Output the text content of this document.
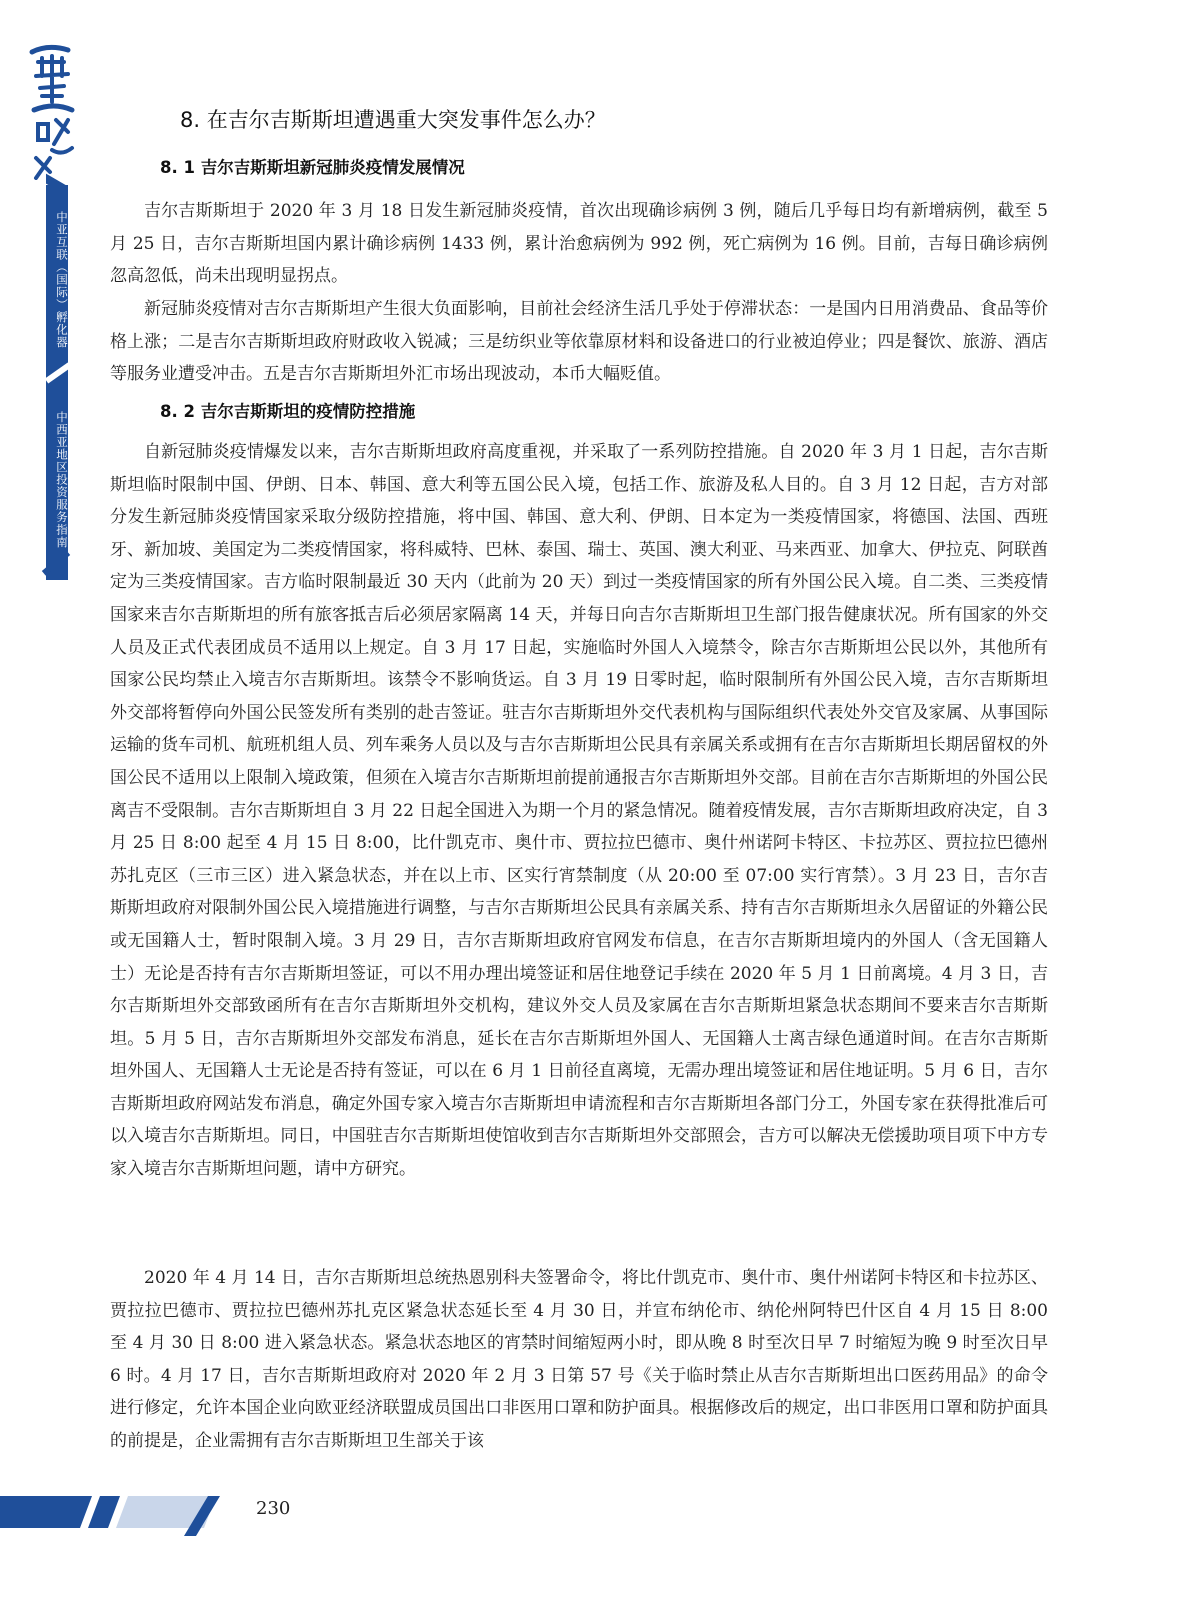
中亚互联（国际）孵化器
中西亚地区投资服务指南
8. 在吉尔吉斯斯坦遭遇重大突发事件怎么办？
8. 1 吉尔吉斯斯坦新冠肺炎疫情发展情况

吉尔吉斯斯坦于 2020 年 3 月 18 日发生新冠肺炎疫情，首次出现确诊病例 3 例，随后几乎每日均有新增病例，截至 5 月 25 日，吉尔吉斯斯坦国内累计确诊病例 1433 例，累计治愈病例为 992 例，死亡病例为 16 例。目前，吉每日确诊病例忽高忽低，尚未出现明显拐点。

新冠肺炎疫情对吉尔吉斯斯坦产生很大负面影响，目前社会经济生活几乎处于停滞状态：一是国内日用消费品、食品等价格上涨；二是吉尔吉斯斯坦政府财政收入锐减；三是纺织业等依靠原材料和设备进口的行业被迫停业；四是餐饮、旅游、酒店等服务业遭受冲击。五是吉尔吉斯斯坦外汇市场出现波动，本币大幅贬值。

8. 2 吉尔吉斯斯坦的疫情防控措施

自新冠肺炎疫情爆发以来，吉尔吉斯斯坦政府高度重视，并采取了一系列防控措施。自 2020 年 3 月 1 日起，吉尔吉斯斯坦临时限制中国、伊朗、日本、韩国、意大利等五国公民入境，包括工作、旅游及私人目的。自 3 月 12 日起，吉方对部分发生新冠肺炎疫情国家采取分级防控措施，将中国、韩国、意大利、伊朗、日本定为一类疫情国家，将德国、法国、西班牙、新加坡、美国定为二类疫情国家，将科威特、巴林、泰国、瑞士、英国、澳大利亚、马来西亚、加拿大、伊拉克、阿联酋定为三类疫情国家。吉方临时限制最近 30 天内（此前为 20 天）到过一类疫情国家的所有外国公民入境。自二类、三类疫情国家来吉尔吉斯斯坦的所有旅客抵吉后必须居家隔离 14 天，并每日向吉尔吉斯斯坦卫生部门报告健康状况。所有国家的外交人员及正式代表团成员不适用以上规定。自 3 月 17 日起，实施临时外国人入境禁令，除吉尔吉斯斯坦公民以外，其他所有国家公民均禁止入境吉尔吉斯斯坦。该禁令不影响货运。自 3 月 19 日零时起，临时限制所有外国公民入境，吉尔吉斯斯坦外交部将暂停向外国公民签发所有类别的赴吉签证。驻吉尔吉斯斯坦外交代表机构与国际组织代表处外交官及家属、从事国际运输的货车司机、航班机组人员、列车乘务人员以及与吉尔吉斯斯坦公民具有亲属关系或拥有在吉尔吉斯斯坦长期居留权的外国公民不适用以上限制入境政策，但须在入境吉尔吉斯斯坦前提前通报吉尔吉斯斯坦外交部。目前在吉尔吉斯斯坦的外国公民离吉不受限制。吉尔吉斯斯坦自 3 月 22 日起全国进入为期一个月的紧急情况。随着疫情发展，吉尔吉斯斯坦政府决定，自 3 月 25 日 8:00 起至 4 月 15 日 8:00，比什凯克市、奥什市、贾拉拉巴德市、奥什州诺阿卡特区、卡拉苏区、贾拉拉巴德州苏扎克区（三市三区）进入紧急状态，并在以上市、区实行宵禁制度（从 20:00 至 07:00 实行宵禁）。3 月 23 日，吉尔吉斯斯坦政府对限制外国公民入境措施进行调整，与吉尔吉斯斯坦公民具有亲属关系、持有吉尔吉斯斯坦永久居留证的外籍公民或无国籍人士，暂时限制入境。3 月 29 日，吉尔吉斯斯坦政府官网发布信息，在吉尔吉斯斯坦境内的外国人（含无国籍人士）无论是否持有吉尔吉斯斯坦签证，可以不用办理出境签证和居住地登记手续在 2020 年 5 月 1 日前离境。4 月 3 日，吉尔吉斯斯坦外交部致函所有在吉尔吉斯斯坦外交机构，建议外交人员及家属在吉尔吉斯斯坦紧急状态期间不要来吉尔吉斯斯坦。5 月 5 日，吉尔吉斯斯坦外交部发布消息，延长在吉尔吉斯斯坦外国人、无国籍人士离吉绿色通道时间。在吉尔吉斯斯坦外国人、无国籍人士无论是否持有签证，可以在 6 月 1 日前径直离境，无需办理出境签证和居住地证明。5 月 6 日，吉尔吉斯斯坦政府网站发布消息，确定外国专家入境吉尔吉斯斯坦申请流程和吉尔吉斯斯坦各部门分工，外国专家在获得批准后可以入境吉尔吉斯斯坦。同日，中国驻吉尔吉斯斯坦使馆收到吉尔吉斯斯坦外交部照会，吉方可以解决无偿援助项目项下中方专家入境吉尔吉斯斯坦问题，请中方研究。

2020 年 4 月 14 日，吉尔吉斯斯坦总统热恩别科夫签署命令，将比什凯克市、奥什市、奥什州诺阿卡特区和卡拉苏区、贾拉拉巴德市、贾拉拉巴德州苏扎克区紧急状态延长至 4 月 30 日，并宣布纳伦市、纳伦州阿特巴什区自 4 月 15 日 8:00 至 4 月 30 日 8:00 进入紧急状态。紧急状态地区的宵禁时间缩短两小时，即从晚 8 时至次日早 7 时缩短为晚 9 时至次日早 6 时。4 月 17 日，吉尔吉斯斯坦政府对 2020 年 2 月 3 日第 57 号《关于临时禁止从吉尔吉斯斯坦出口医药用品》的命令进行修定，允许本国企业向欧亚经济联盟成员国出口非医用口罩和防护面具。根据修改后的规定，出口非医用口罩和防护面具的前提是，企业需拥有吉尔吉斯斯坦卫生部关于该

230
